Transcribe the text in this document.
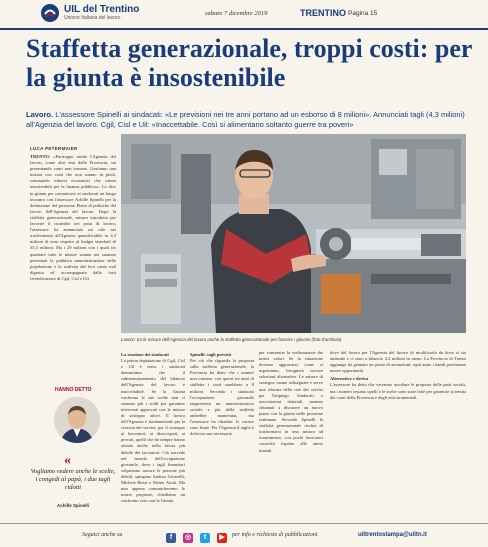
UIL del Trentino
Unione Italiana del lavoro
sabato 7 dicembre 2019	TRENTINO Pagina 15
Staffetta generazionale, troppi costi: per la giunta è insostenibile
Lavoro. L'assessore Spinelli ai sindacati: «Le previsioni nei tre anni portano ad un esborso di 8 milioni». Annunciati tagli (4,3 milioni) all'Agenzia del lavoro. Cgil, Cisl e Uil: «Inaccettabile. Così si alimentano soltanto guerre tra poveri»
LUCA PETERMAIER
TRENTO. «Purtroppo anche l'Agenzia del lavoro, come altri enti della Provincia, sta presentando conti non tornano. Gestiamo una misura con costi che non stanno in piedi, sommando esborsi economici che vanno insostenibili per la finanza pubblica». Lo dice in giunta per comunicare ai sindacati un lungo incontro con l'assessore Achille Spinelli per la definizione del prossimo Piano di politiche del lavoro dell'Agenzia del lavoro. Dopo la staffetta generazionale, misura introdotta per favorire il ricambio nei posti di lavoro, l'assessore ha annunciato un calo nei trasferimenti all'Agenzia quantificabile in 4,3 milioni di euro rispetto al budget standard di 35,3 milioni. Ma i 29 milioni con i quali far quadrare tutte le misure stanno nei saranno presentati la pubblica amministrazione della popolazione e la staffetta dal loro canto mal digerita ed accompagnata dalle forti rivendicazioni di Cgil, Cisl e Uil.
Lavoro: tra le misure dell'Agenzia del lavoro anche la staffetta generazionale per favorire i giovani (foto d'archivio)
La reazione dei sindacati
La prima deputazione di Cgil, Cisl e Uil è seria: i sindacati denunciano che il ridimensionamento del bilancio dell'Agenzia del lavoro è inaccettabile. Se la Giunta conferma le sue scelte non ci saranno più i soldi per garantire interventi approvati con le misure di sostegno attive. Il lavoro dell'Agenzia è fondamentale per la crescita dei servizi, per il sostegno ai lavoratori, ai disoccupati, ai precari, quelli che da sempre hanno aiutato anche nella fascia più debole dei lavoratori. Ciò succede nel mondo dell'occupazione giovanile, dove i tagli finanziari colpiranno ancora le persone più deboli, spiegano Andrea Grosselli, Michele Bezzi e Walter Alotti. Ma non appena comunicheremo le nostre proposte, chiediamo un confronto vero con la Giunta.
Spinelli: tagli previsti
Per ciò che riguarda la proposta sulla staffetta generazionale, la Provincia ha detto che i numeri non tornano: con questi tre anni di staffetta i costi sarebbero a 8 milioni. Secondo i sindacati l'occupazione giovanile rappresenta un ammortizzatore sociale e più della staffetta andrebbe mantenuta, ma l'assessore ha ribadito: le risorse sono finite. Per l'Agenzia il taglio è doloroso ma necessario.
per consentire la realizzazione dei nostri valori. Se la situazione dovesse aggravarsi, come ci aspettiamo, bisognerà trovare soluzioni alternative. Le misure di sostegno vanno ridisegnate e serve una riforma della rete dei servizi per l'impiego. Sindacati e associazioni datoriali saranno chiamati a discutere un nuovo piano con la giunta nelle prossime settimane. Secondo Spinelli la staffetta generazionale rischia di trasformarsi in una misura ad esaurimento, con pochi lavoratori coinvolti rispetto alle attese iniziali.
dove del lavoro per l'Agenzia del lavoro di modificarla da dove si sta andando e ci sono a bilancio 4,3 milioni in meno. La Provincia di Trento aggiunge da gennaio un piano di assunzioni: ogni anno i bandi porteranno nuove opportunità.
Alternative e deriva
L'assessore ha detto che verranno ascoltate le proposte delle parti sociali, ma i numeri restano quelli e le scelte sono state fatte per garantire la tenuta dei conti della Provincia e degli enti strumentali.
HANNO DETTO
«
Vogliamo vedere anche le scelte, i congedi al papà, i due tagli ridotti
Achille Spinelli
Seguici anche su	f ◎ t ▶	per info e richieste di pubblicazioni	uiltrentostampa@uiltn.it
